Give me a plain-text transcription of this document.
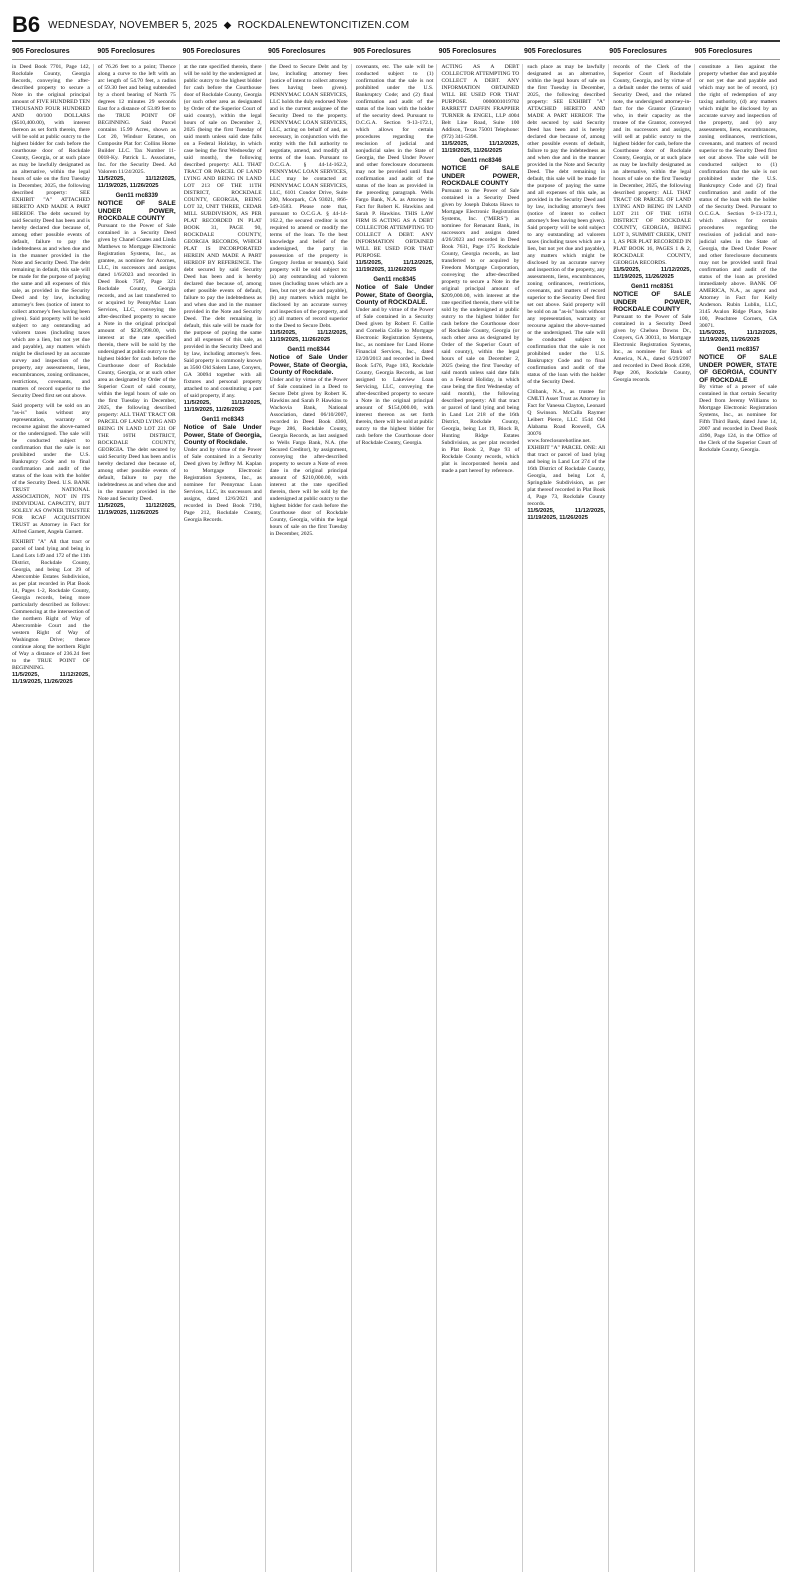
B6 WEDNESDAY, NOVEMBER 5, 2025 ◆ ROCKDALENEWTONCITIZEN.COM
905 Foreclosures	905 Foreclosures	905 Foreclosures	905 Foreclosures	905 Foreclosures	905 Foreclosures	905 Foreclosures	905 Foreclosures	905 Foreclosures
in Deed Book 7701, Page 142, Rockdale County, Georgia Records, conveying the after-described property to secure a Note in the original principal amount of FIVE HUNDRED TEN THOUSAND FOUR HUNDRED AND 00/100 DOLLARS ($510,400.00), with interest thereon as set forth therein, there will be sold at public outcry to the highest bidder for cash before the courthouse door of Rockdale County, Georgia, or at such place as may be lawfully designated as an alternative, within the legal hours of sale on the first Tuesday in December, 2025, the following described property: SEE EXHIBIT "A" ATTACHED HERETO AND MADE A PART HEREOF. The debt secured by said Security Deed has been and is hereby declared due because of, among other possible events of default, failure to pay the indebtedness as and when due and in the manner provided in the Note and Security Deed. The debt remaining in default, this sale will be made for the purpose of paying the same and all expenses of this sale, as provided in the Security Deed and by law, including attorney's fees (notice of intent to collect attorney's fees having been given). Said property will be sold subject to any outstanding ad valorem taxes (including taxes which are a lien, but not yet due and payable), any matters which might be disclosed by an accurate survey and inspection of the property, any assessments, liens, encumbrances, zoning ordinances, restrictions, covenants, and matters of record superior to the Security Deed first set out above.
Said property will be sold on an "as-is" basis without any representation, warranty or recourse against the above-named or the undersigned. The sale will be conducted subject to confirmation that the sale is not prohibited under the U.S. Bankruptcy Code and to final confirmation and audit of the status of the loan with the holder of the Security Deed. U.S. BANK TRUST NATIONAL ASSOCIATION, NOT IN ITS INDIVIDUAL CAPACITY, BUT SOLELY AS OWNER TRUSTEE FOR RCAF ACQUISITION TRUST as Attorney in Fact for Alfred Garnett, Angela Garnett.
EXHIBIT "A" All that tract or parcel of land lying and being in Land Lots 149 and 172 of the 11th District, Rockdale County, Georgia, and being Lot 29 of Abercombie Estates Subdivision, as per plat recorded in Plat Book 14, Pages 1-2, Rockdale County, Georgia records, being more particularly described as follows: Commencing at the intersection of the northern Right of Way of Abercrombie Court and the western Right of Way of Washington Drive; thence continue along the northern Right of Way a distance of 236.24 feet to the TRUE POINT OF BEGINNING.
11/5/2025, 11/12/2025, 11/19/2025, 11/26/2025
of 76.26 feet to a point; Thence along a curve to the left with an arc length of 54.70 feet, a radius of 59.30 feet and being subtended by a chord bearing of North 75 degrees 12 minutes 29 seconds East for a distance of 53.89 feet to the TRUE POINT OF BEGINNING. Said Parcel contains 15.99 Acres, shown as Lot 20, Windsor Estates, on Composite Plat for: Collins Home Builder LLC. Tax Number 11-0018-Ky. Patrick L. Associates, Inc. for the Security Deed. Ad Valorem 11/24/2025.
11/5/2025, 11/12/2025, 11/19/2025, 11/26/2025
Gen11 rnc8339
NOTICE OF SALE UNDER POWER, ROCKDALE COUNTY
Pursuant to the Power of Sale contained in a Security Deed given by Chanel Coates and Linda Matthews to Mortgage Electronic Registration Systems, Inc., as grantee, as nominee for Acornes, LLC, its successors and assigns dated 1/6/2023 and recorded in Deed Book 7587, Page 321 Rockdale County, Georgia records, and as last transferred to or acquired by PennyMac Loan Services, LLC, conveying the after-described property to secure a Note in the original principal amount of $236,998.00, with interest at the rate specified therein, there will be sold by the undersigned at public outcry to the highest bidder for cash before the Courthouse door of Rockdale County, Georgia, or at such other area as designated by Order of the Superior Court of said county, within the legal hours of sale on the first Tuesday in December, 2025, the following described property: ALL THAT TRACT OR PARCEL OF LAND LYING AND BEING IN LAND LOT 231 OF THE 16TH DISTRICT, ROCKDALE COUNTY, GEORGIA. The debt secured by said Security Deed has been and is hereby declared due because of, among other possible events of default, failure to pay the indebtedness as and when due and in the manner provided in the Note and Security Deed.
11/5/2025, 11/12/2025, 11/19/2025, 11/26/2025
at the rate specified therein, there will be sold by the undersigned at public outcry to the highest bidder for cash before the Courthouse door of Rockdale County, Georgia (or such other area as designated by Order of the Superior Court of said county), within the legal hours of sale on December 2, 2025 (being the first Tuesday of said month unless said date falls on a Federal Holiday, in which case being the first Wednesday of said month), the following described property: ALL THAT TRACT OR PARCEL OF LAND LYING AND BEING IN LAND LOT 213 OF THE 11TH DISTRICT, ROCKDALE COUNTY, GEORGIA, BEING LOT 32, UNIT THREE, CEDAR MILL SUBDIVISION, AS PER PLAT RECORDED IN PLAT BOOK 31, PAGE 90, ROCKDALE COUNTY, GEORGIA RECORDS, WHICH PLAT IS INCORPORATED HEREIN AND MADE A PART HEREOF BY REFERENCE. The debt secured by said Security Deed has been and is hereby declared due because of, among other possible events of default, failure to pay the indebtedness as and when due and in the manner provided in the Note and Security Deed. The debt remaining in default, this sale will be made for the purpose of paying the same and all expenses of this sale, as provided in the Security Deed and by law, including attorney's fees. Said property is commonly known as 3560 Old Salem Lane, Conyers, GA 30094 together with all fixtures and personal property attached to and constituting a part of said property, if any.
11/5/2025, 11/12/2025, 11/19/2025, 11/26/2025
Gen11 rnc8343
Notice of Sale Under Power, State of Georgia, County of Rockdale.
Under and by virtue of the Power of Sale contained in a Security Deed given by Jeffrey M. Kaplan to Mortgage Electronic Registration Systems, Inc., as nominee for Pennymac Loan Services, LLC, its successors and assigns, dated 12/6/2021 and recorded in Deed Book 7190, Page 212, Rockdale County, Georgia Records.
the Deed to Secure Debt and by law, including attorney fees (notice of intent to collect attorney fees having been given). PENNYMAC LOAN SERVICES, LLC holds the duly endorsed Note and is the current assignee of the Security Deed to the property. PENNYMAC LOAN SERVICES, LLC, acting on behalf of and, as necessary, in conjunction with the entity with the full authority to negotiate, amend, and modify all terms of the loan. Pursuant to O.C.G.A. § 44-14-162.2, PENNYMAC LOAN SERVICES, LLC may be contacted at: PENNYMAC LOAN SERVICES, LLC, 6101 Condor Drive, Suite 200, Moorpark, CA 93021, 866-549-3583. Please note that, pursuant to O.C.G.A. § 44-14-162.2, the secured creditor is not required to amend or modify the terms of the loan. To the best knowledge and belief of the undersigned, the party in possession of the property is Gregory Jordan or tenant(s). Said property will be sold subject to: (a) any outstanding ad valorem taxes (including taxes which are a lien, but not yet due and payable), (b) any matters which might be disclosed by an accurate survey and inspection of the property, and (c) all matters of record superior to the Deed to Secure Debt.
11/5/2025, 11/12/2025, 11/19/2025, 11/26/2025
Gen11 rnc8344
Notice of Sale Under Power, State of Georgia, County of Rockdale.
Under and by virtue of the Power of Sale contained in a Deed to Secure Debt given by Robert K. Hawkins and Sarah P. Hawkins to Wachovia Bank, National Association, dated 06/10/2007, recorded in Deed Book 4360, Page 286, Rockdale County, Georgia Records, as last assigned to Wells Fargo Bank, N.A. (the Secured Creditor), by assignment, conveying the after-described property to secure a Note of even date in the original principal amount of $210,000.00, with interest at the rate specified therein, there will be sold by the undersigned at public outcry to the highest bidder for cash before the Courthouse door of Rockdale County, Georgia, within the legal hours of sale on the first Tuesday in December, 2025.
covenants, etc. The sale will be conducted subject to (1) confirmation that the sale is not prohibited under the U.S. Bankruptcy Code; and (2) final confirmation and audit of the status of the loan with the holder of the security deed. Pursuant to O.C.G.A. Section 9-13-172.1, which allows for certain procedures regarding the rescission of judicial and nonjudicial sales in the State of Georgia, the Deed Under Power and other foreclosure documents may not be provided until final confirmation and audit of the status of the loan as provided in the preceding paragraph. Wells Fargo Bank, N.A. as Attorney in Fact for Robert K. Hawkins and Sarah P. Hawkins. THIS LAW FIRM IS ACTING AS A DEBT COLLECTOR ATTEMPTING TO COLLECT A DEBT. ANY INFORMATION OBTAINED WILL BE USED FOR THAT PURPOSE.
11/5/2025, 11/12/2025, 11/19/2025, 11/26/2025
Gen11 rnc8345
Notice of Sale Under Power, State of Georgia, County of ROCKDALE.
Under and by virtue of the Power of Sale contained in a Security Deed given by Robert F. Collie and Cornelia Collie to Mortgage Electronic Registration Systems, Inc., as nominee for Land Home Financial Services, Inc., dated 12/20/2013 and recorded in Deed Book 5476, Page 183, Rockdale County, Georgia Records, as last assigned to Lakeview Loan Servicing, LLC, conveying the after-described property to secure a Note in the original principal amount of $154,000.00, with interest thereon as set forth therein, there will be sold at public outcry to the highest bidder for cash before the Courthouse door of Rockdale County, Georgia.
ACTING AS A DEBT COLLECTOR ATTEMPTING TO COLLECT A DEBT. ANY INFORMATION OBTAINED WILL BE USED FOR THAT PURPOSE. 0000001019702 BARRETT DAFFIN FRAPPIER TURNER & ENGEL, LLP 4004 Belt Line Road, Suite 100 Addison, Texas 75001 Telephone: (972) 341-5398.
11/5/2025, 11/12/2025, 11/19/2025, 11/26/2025
Gen11 rnc8346
NOTICE OF SALE UNDER POWER, ROCKDALE COUNTY
Pursuant to the Power of Sale contained in a Security Deed given by Joseph Dakota Haws to Mortgage Electronic Registration Systems, Inc. ("MERS") as nominee for Renasant Bank, its successors and assigns dated 4/26/2023 and recorded in Deed Book 7631, Page 175 Rockdale County, Georgia records, as last transferred to or acquired by Freedom Mortgage Corporation, conveying the after-described property to secure a Note in the original principal amount of $209,000.00, with interest at the rate specified therein, there will be sold by the undersigned at public outcry to the highest bidder for cash before the Courthouse door of Rockdale County, Georgia (or such other area as designated by Order of the Superior Court of said county), within the legal hours of sale on December 2, 2025 (being the first Tuesday of said month unless said date falls on a Federal Holiday, in which case being the first Wednesday of said month), the following described property: All that tract or parcel of land lying and being in Land Lot 218 of the 16th District, Rockdale County, Georgia, being Lot 19, Block B, Hunting Ridge Estates Subdivision, as per plat recorded in Plat Book 2, Page 93 of Rockdale County records, which plat is incorporated herein and made a part hereof by reference.
such place as may be lawfully designated as an alternative, within the legal hours of sale on the first Tuesday in December, 2025, the following described property: SEE EXHIBIT "A" ATTACHED HERETO AND MADE A PART HEREOF. The debt secured by said Security Deed has been and is hereby declared due because of, among other possible events of default, failure to pay the indebtedness as and when due and in the manner provided in the Note and Security Deed. The debt remaining in default, this sale will be made for the purpose of paying the same and all expenses of this sale, as provided in the Security Deed and by law, including attorney's fees (notice of intent to collect attorney's fees having been given). Said property will be sold subject to any outstanding ad valorem taxes (including taxes which are a lien, but not yet due and payable), any matters which might be disclosed by an accurate survey and inspection of the property, any assessments, liens, encumbrances, zoning ordinances, restrictions, covenants, and matters of record superior to the Security Deed first set out above. Said property will be sold on an "as-is" basis without any representation, warranty or recourse against the above-named or the undersigned. The sale will be conducted subject to confirmation that the sale is not prohibited under the U.S. Bankruptcy Code and to final confirmation and audit of the status of the loan with the holder of the Security Deed.
Citibank, N.A., as trustee for CMLTI Asset Trust as Attorney in Fact for Vanessa Clayton, Leonard Q Swinson. McCalla Raymer Leibert Pierce, LLC 1544 Old Alabama Road Roswell, GA 30076 www.foreclosurehotline.net. EXHIBIT "A" PARCEL ONE: All that tract or parcel of land lying and being in Land Lot 274 of the 16th District of Rockdale County, Georgia, and being Lot 4, Springdale Subdivision, as per plat thereof recorded in Plat Book 4, Page 73, Rockdale County records.
11/5/2025, 11/12/2025, 11/19/2025, 11/26/2025
records of the Clerk of the Superior Court of Rockdale County, Georgia, and by virtue of a default under the terms of said Security Deed, and the related note, the undersigned attorney-in-fact for the Grantor (Grantor) who, in their capacity as the trustee of the Grantor, conveyed and its successors and assigns, will sell at public outcry to the highest bidder for cash, before the Courthouse door of Rockdale County, Georgia, or at such place as may be lawfully designated as an alternative, within the legal hours of sale on the first Tuesday in December, 2025, the following described property: ALL THAT TRACT OR PARCEL OF LAND LYING AND BEING IN LAND LOT 211 OF THE 16TH DISTRICT OF ROCKDALE COUNTY, GEORGIA, BEING LOT 3, SUMMIT CREEK, UNIT I, AS PER PLAT RECORDED IN PLAT BOOK 16, PAGES 1 & 2, ROCKDALE COUNTY, GEORGIA RECORDS.
11/5/2025, 11/12/2025, 11/19/2025, 11/26/2025
Gen11 rnc8351
NOTICE OF SALE UNDER POWER, ROCKDALE COUNTY
Pursuant to the Power of Sale contained in a Security Deed given by Chelsea Downs Dr., Conyers, GA 30013, to Mortgage Electronic Registration Systems, Inc., as nominee for Bank of America, N.A., dated 6/29/2007 and recorded in Deed Book 4398, Page 206, Rockdale County, Georgia records.
constitute a lien against the property whether due and payable or not yet due and payable and which may not be of record, (c) the right of redemption of any taxing authority, (d) any matters which might be disclosed by an accurate survey and inspection of the property, and (e) any assessments, liens, encumbrances, zoning ordinances, restrictions, covenants, and matters of record superior to the Security Deed first set out above. The sale will be conducted subject to (1) confirmation that the sale is not prohibited under the U.S. Bankruptcy Code and (2) final confirmation and audit of the status of the loan with the holder of the Security Deed. Pursuant to O.C.G.A. Section 9-13-172.1, which allows for certain procedures regarding the rescission of judicial and non-judicial sales in the State of Georgia, the Deed Under Power and other foreclosure documents may not be provided until final confirmation and audit of the status of the loan as provided immediately above. BANK OF AMERICA, N.A., as agent and Attorney in Fact for Kelly Anderson. Rubin Lublin, LLC, 3145 Avalon Ridge Place, Suite 100, Peachtree Corners, GA 30071.
11/5/2025, 11/12/2025, 11/19/2025, 11/26/2025
Gen11 rnc8357
NOTICE OF SALE UNDER POWER, STATE OF GEORGIA, COUNTY OF ROCKDALE
By virtue of a power of sale contained in that certain Security Deed from Jeremy Williams to Mortgage Electronic Registration Systems, Inc., as nominee for Fifth Third Bank, dated June 14, 2007 and recorded in Deed Book 4390, Page 124, in the Office of the Clerk of the Superior Court of Rockdale County, Georgia.
